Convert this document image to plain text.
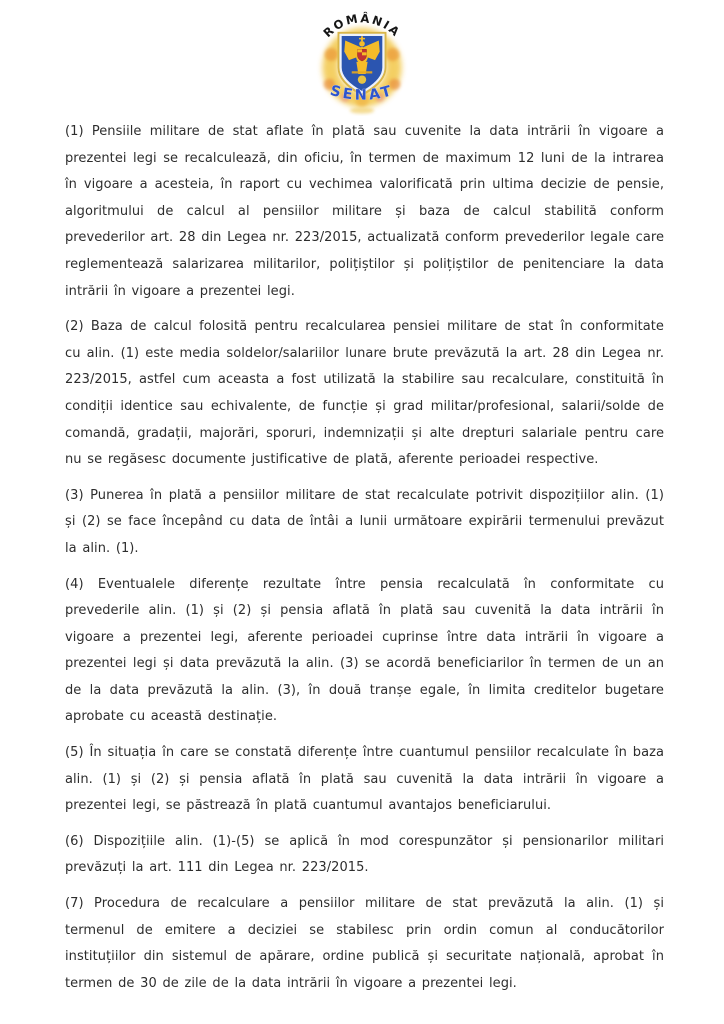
ROMÂNIA
SENAT

(1) Pensiile militare de stat aflate în plată sau cuvenite la data intrării în vigoare a prezentei legi se recalculează, din oficiu, în termen de maximum 12 luni de la intrarea în vigoare a acesteia, în raport cu vechimea valorificată prin ultima decizie de pensie, algoritmului de calcul al pensiilor militare și baza de calcul stabilită conform prevederilor art. 28 din Legea nr. 223/2015, actualizată conform prevederilor legale care reglementează salarizarea militarilor, polițiștilor și polițiștilor de penitenciare la data intrării în vigoare a prezentei legi.

(2) Baza de calcul folosită pentru recalcularea pensiei militare de stat în conformitate cu alin. (1) este media soldelor/salariilor lunare brute prevăzută la art. 28 din Legea nr. 223/2015, astfel cum aceasta a fost utilizată la stabilire sau recalculare, constituită în condiții identice sau echivalente, de funcție și grad militar/profesional, salarii/solde de comandă, gradații, majorări, sporuri, indemnizații și alte drepturi salariale pentru care nu se regăsesc documente justificative de plată, aferente perioadei respective.

(3) Punerea în plată a pensiilor militare de stat recalculate potrivit dispozițiilor alin. (1) și (2) se face începând cu data de întâi a lunii următoare expirării termenului prevăzut la alin. (1).

(4) Eventualele diferențe rezultate între pensia recalculată în conformitate cu prevederile alin. (1) și (2) și pensia aflată în plată sau cuvenită la data intrării în vigoare a prezentei legi, aferente perioadei cuprinse între data intrării în vigoare a prezentei legi și data prevăzută la alin. (3) se acordă beneficiarilor în termen de un an de la data prevăzută la alin. (3), în două tranșe egale, în limita creditelor bugetare aprobate cu această destinație.

(5) În situația în care se constată diferențe între cuantumul pensiilor recalculate în baza alin. (1) și (2) și pensia aflată în plată sau cuvenită la data intrării în vigoare a prezentei legi, se păstrează în plată cuantumul avantajos beneficiarului.

(6) Dispozițiile alin. (1)-(5) se aplică în mod corespunzător și pensionarilor militari prevăzuți la art. 111 din Legea nr. 223/2015.

(7) Procedura de recalculare a pensiilor militare de stat prevăzută la alin. (1) și termenul de emitere a deciziei se stabilesc prin ordin comun al conducătorilor instituțiilor din sistemul de apărare, ordine publică și securitate națională, aprobat în termen de 30 de zile de la data intrării în vigoare a prezentei legi.
